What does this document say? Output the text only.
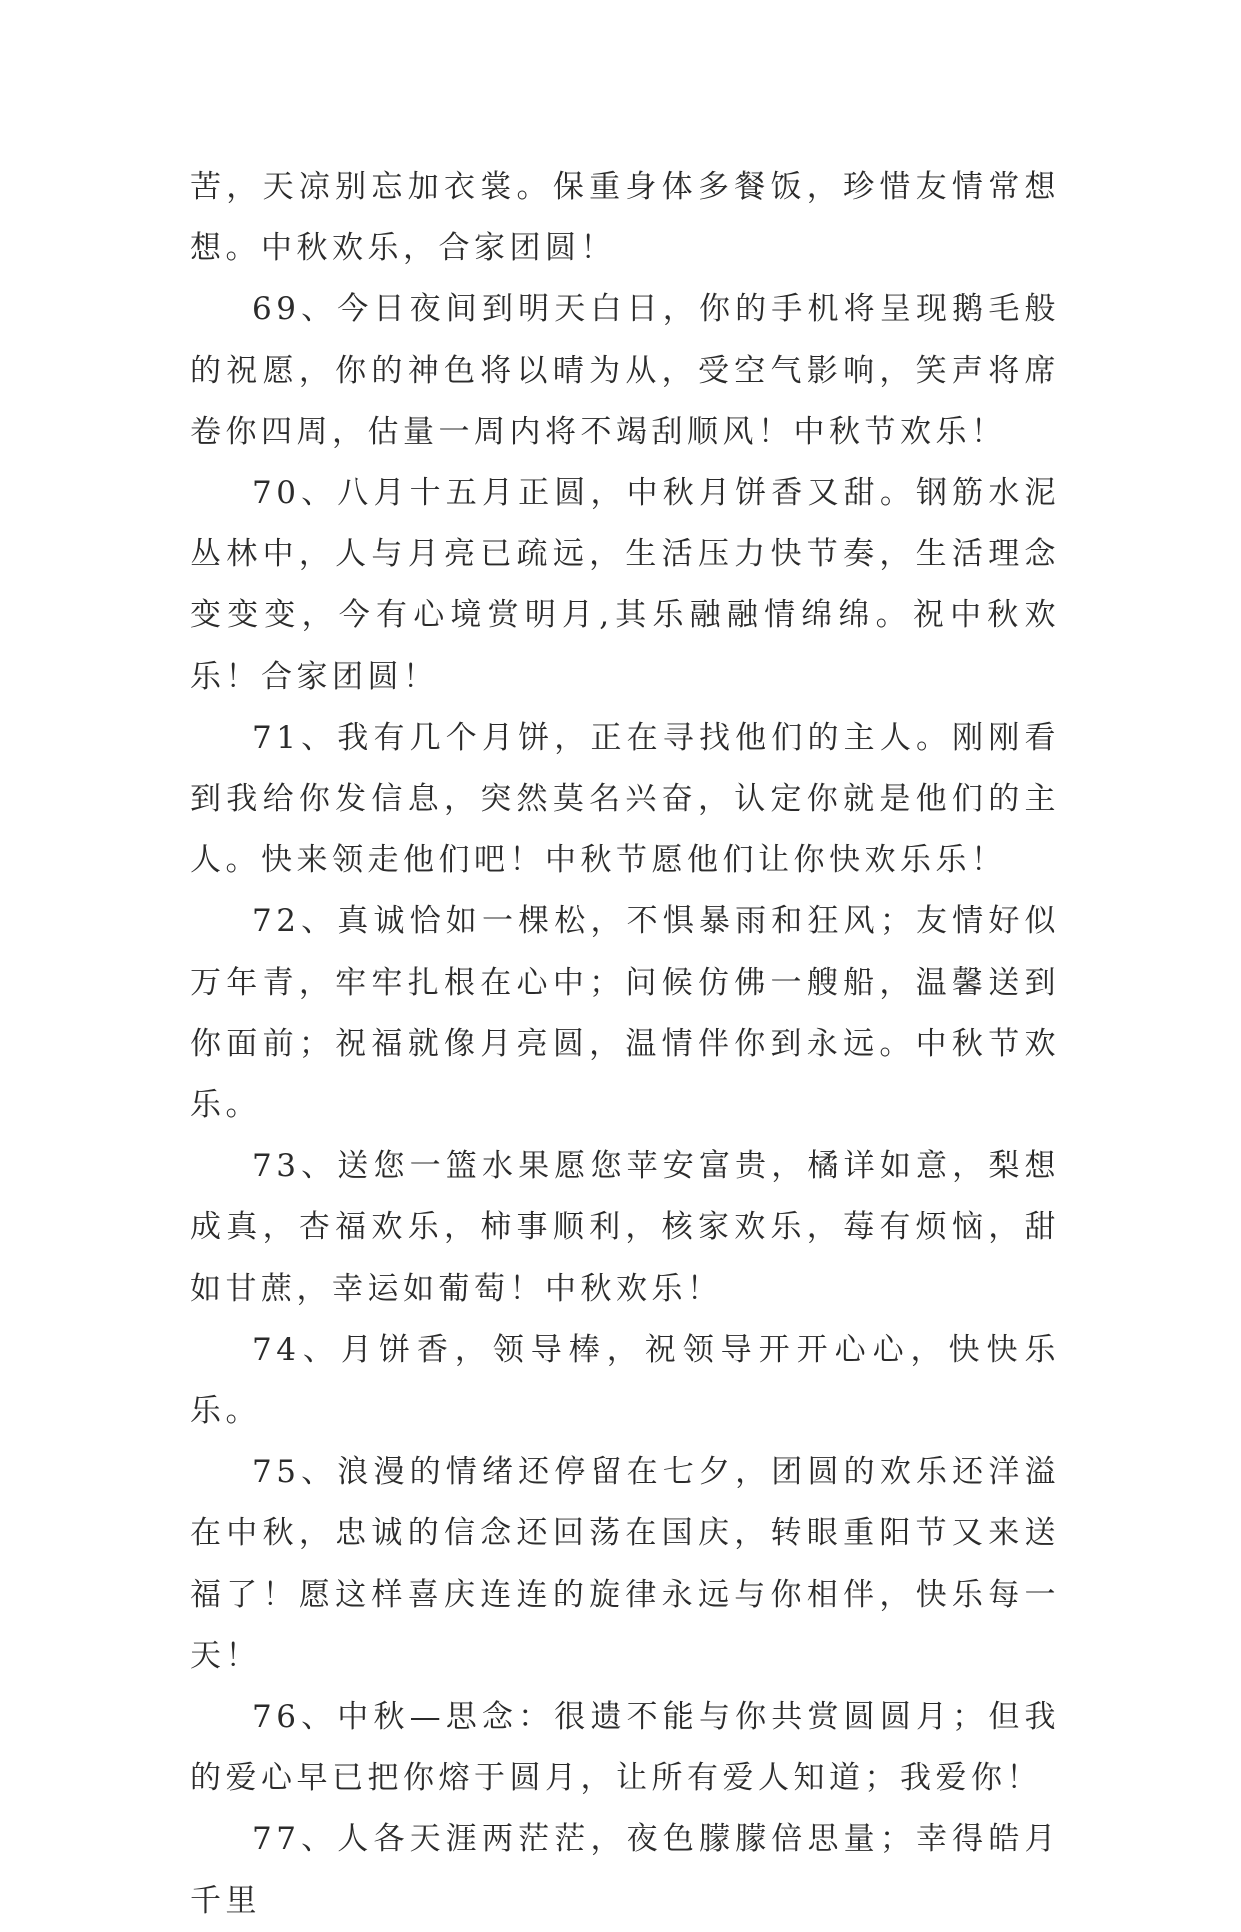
苦，天凉别忘加衣裳。保重身体多餐饭，珍惜友情常想想。中秋欢乐，合家团圆！

69、今日夜间到明天白日，你的手机将呈现鹅毛般的祝愿，你的神色将以晴为从，受空气影响，笑声将席卷你四周，估量一周内将不竭刮顺风！中秋节欢乐！

70、八月十五月正圆，中秋月饼香又甜。钢筋水泥丛林中，人与月亮已疏远，生活压力快节奏，生活理念变变变，今有心境赏明月,其乐融融情绵绵。祝中秋欢乐！合家团圆！

71、我有几个月饼，正在寻找他们的主人。刚刚看到我给你发信息，突然莫名兴奋，认定你就是他们的主人。快来领走他们吧！中秋节愿他们让你快欢乐乐！

72、真诚恰如一棵松，不惧暴雨和狂风；友情好似万年青，牢牢扎根在心中；问候仿佛一艘船，温馨送到你面前；祝福就像月亮圆，温情伴你到永远。中秋节欢乐。

73、送您一篮水果愿您苹安富贵，橘详如意，梨想成真，杏福欢乐，柿事顺利，核家欢乐，莓有烦恼，甜如甘蔗，幸运如葡萄！中秋欢乐！

74、月饼香，领导棒，祝领导开开心心，快快乐乐。

75、浪漫的情绪还停留在七夕，团圆的欢乐还洋溢在中秋，忠诚的信念还回荡在国庆，转眼重阳节又来送福了！愿这样喜庆连连的旋律永远与你相伴，快乐每一天！

76、中秋—思念：很遗不能与你共赏圆圆月；但我的爱心早已把你熔于圆月，让所有爱人知道；我爱你！

77、人各天涯两茫茫，夜色朦朦倍思量；幸得皓月千里
